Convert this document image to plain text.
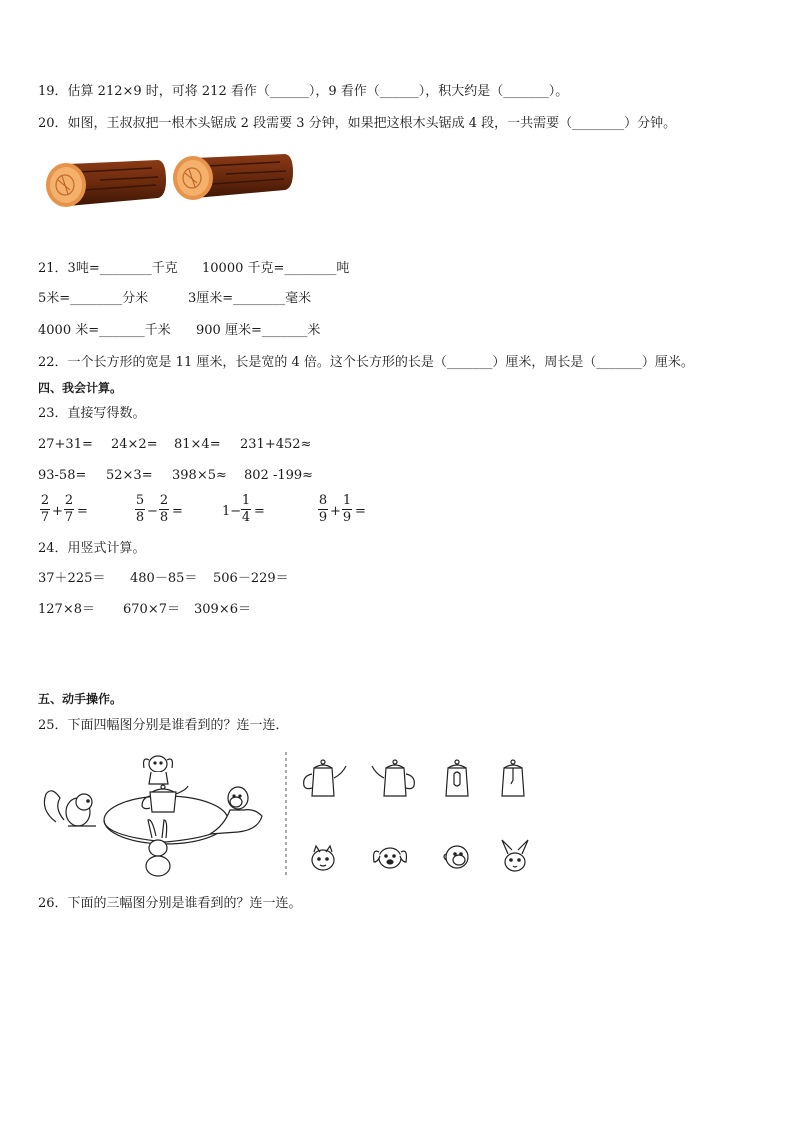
19．估算 212×9 时，可将 212 看作（______），9 看作（______），积大约是（_______）。
20．如图，王叔叔把一根木头锯成 2 段需要 3 分钟，如果把这根木头锯成 4 段，一共需要（________）分钟。
21．3吨=________千克 10000 千克=________吨
5米=________分米	3厘米=________毫米
4000 米=_______千米 900 厘米=_______米
22．一个长方形的宽是 11 厘米，长是宽的 4 倍。这个长方形的长是（_______）厘米，周长是（_______）厘米。
四、我会计算。
23．直接写得数。
27+31= 24×2= 81×4= 231+452≈
93-58= 52×3= 398×5≈ 802 -199≈
2
7 +
2
7 =
5
8 −
2
8 =	1−
1
4 =
8
9 +
1
9 =
24．用竖式计算。
37＋225＝ 480－85＝ 506－229＝
127×8＝ 670×7＝ 309×6＝
五、动手操作。
25．下面四幅图分别是谁看到的？连一连．
26．下面的三幅图分别是谁看到的？连一连。
